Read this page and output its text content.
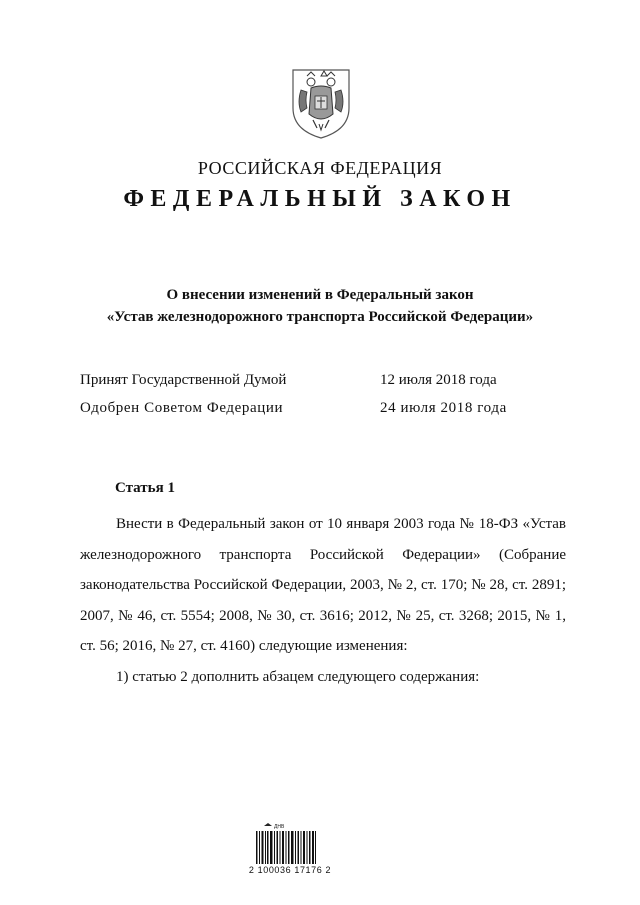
РОССИЙСКАЯ ФЕДЕРАЦИЯ
ФЕДЕРАЛЬНЫЙ ЗАКОН
О внесении изменений в Федеральный закон
«Устав железнодорожного транспорта Российской Федерации»
Принят Государственной Думой	12 июля 2018 года
Одобрен Советом Федерации	24 июля 2018 года
Статья 1

Внести в Федеральный закон от 10 января 2003 года № 18-ФЗ «Устав железнодорожного транспорта Российской Федерации» (Собрание законодательства Российской Федерации, 2003, № 2, ст. 170; № 28, ст. 2891; 2007, № 46, ст. 5554; 2008, № 30, ст. 3616; 2012, № 25, ст. 3268; 2015, № 1, ст. 56; 2016, № 27, ст. 4160) следующие изменения:

1) статью 2 дополнить абзацем следующего содержания:

ДНВ
2 100036 17176 2
